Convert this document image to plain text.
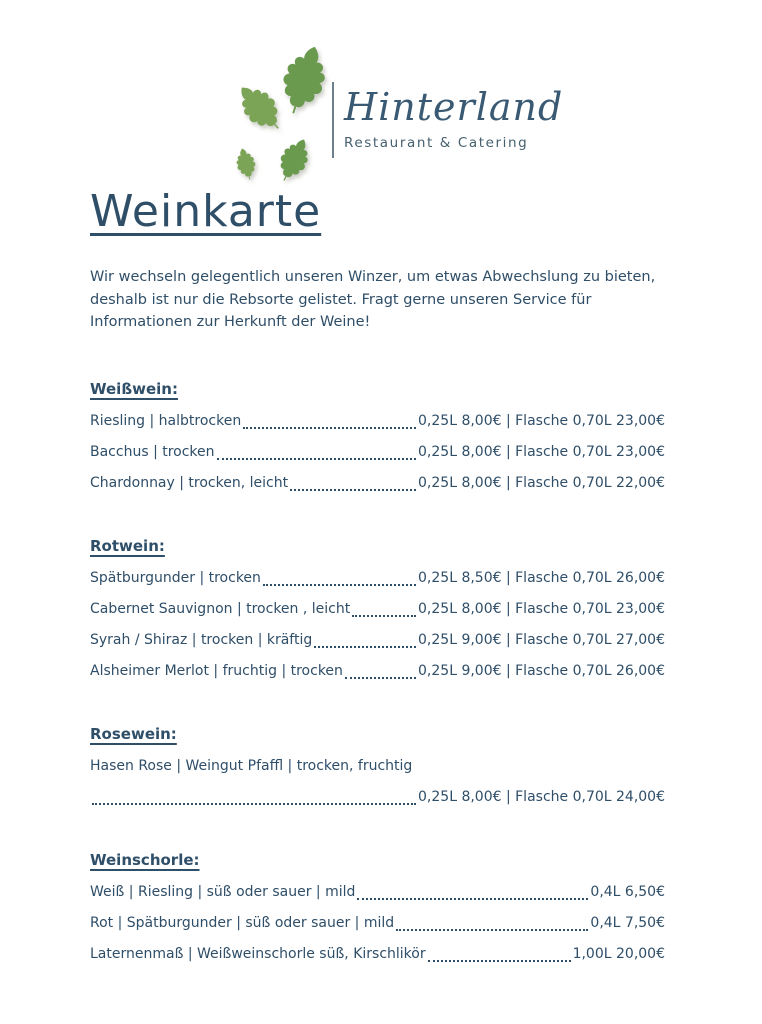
Hinterland
Restaurant & Catering
Weinkarte

Wir wechseln gelegentlich unseren Winzer, um etwas Abwechslung zu bieten, deshalb ist nur die Rebsorte gelistet. Fragt gerne unseren Service für Informationen zur Herkunft der Weine!

Weißwein:
Riesling | halbtrocken	0,25L 8,00€ | Flasche 0,70L 23,00€
Bacchus | trocken	0,25L 8,00€ | Flasche 0,70L 23,00€
Chardonnay | trocken, leicht	0,25L 8,00€ | Flasche 0,70L 22,00€
Rotwein:
Spätburgunder | trocken	0,25L 8,50€ | Flasche 0,70L 26,00€
Cabernet Sauvignon | trocken , leicht	0,25L 8,00€ | Flasche 0,70L 23,00€
Syrah / Shiraz | trocken | kräftig	0,25L 9,00€ | Flasche 0,70L 27,00€
Alsheimer Merlot | fruchtig | trocken	0,25L 9,00€ | Flasche 0,70L 26,00€
Rosewein:
Hasen Rose | Weingut Pfaffl | trocken, fruchtig
0,25L 8,00€ | Flasche 0,70L 24,00€
Weinschorle:
Weiß | Riesling | süß oder sauer | mild	0,4L 6,50€
Rot | Spätburgunder | süß oder sauer | mild	0,4L 7,50€
Laternenmaß | Weißweinschorle süß, Kirschlikör	1,00L 20,00€
